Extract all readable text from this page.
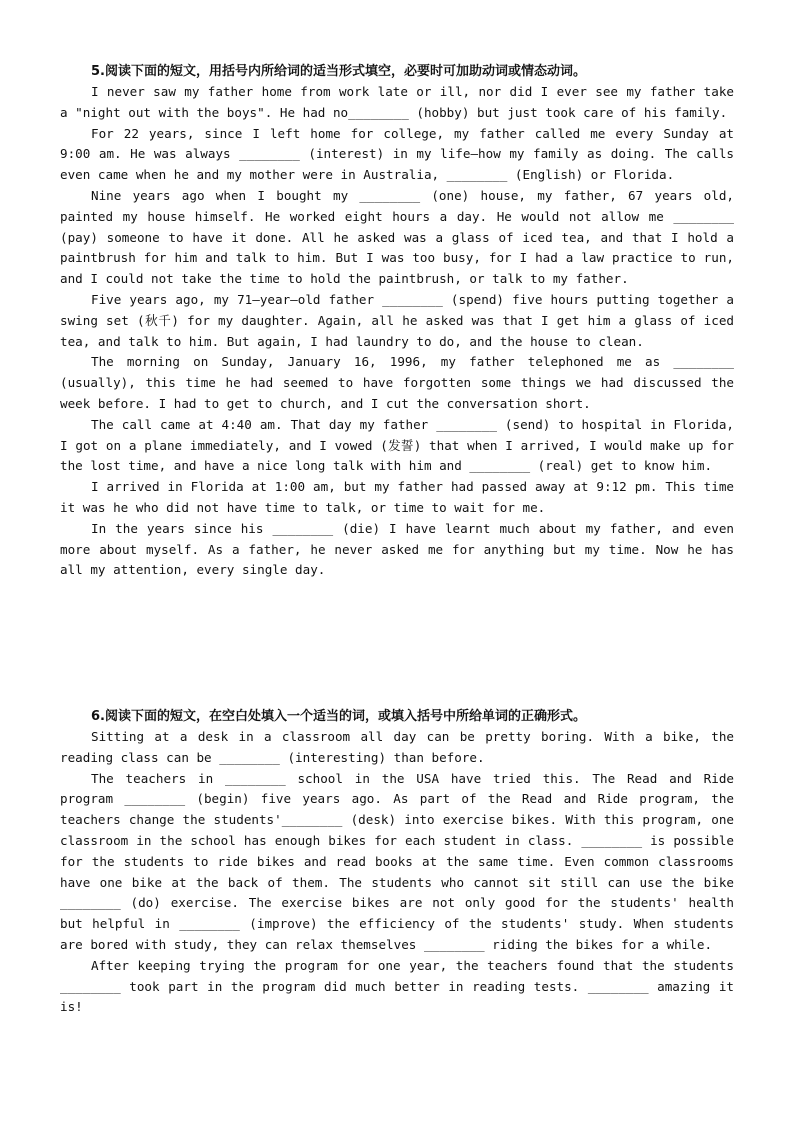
5.阅读下面的短文，用括号内所给词的适当形式填空，必要时可加助动词或情态动词。

I never saw my father home from work late or ill, nor did I ever see my father take a "night out with the boys". He had no________ (hobby) but just took care of his family.

For 22 years, since I left home for college, my father called me every Sunday at 9:00 am. He was always ________ (interest) in my life—how my family as doing. The calls even came when he and my mother were in Australia, ________ (English) or Florida.

Nine years ago when I bought my ________ (one) house, my father, 67 years old, painted my house himself. He worked eight hours a day. He would not allow me ________ (pay) someone to have it done. All he asked was a glass of iced tea, and that I hold a paintbrush for him and talk to him. But I was too busy, for I had a law practice to run, and I could not take the time to hold the paintbrush, or talk to my father.

Five years ago, my 71—year—old father ________ (spend) five hours putting together a swing set (秋千) for my daughter. Again, all he asked was that I get him a glass of iced tea, and talk to him. But again, I had laundry to do, and the house to clean.

The morning on Sunday, January 16, 1996, my father telephoned me as ________ (usually), this time he had seemed to have forgotten some things we had discussed the week before. I had to get to church, and I cut the conversation short.

The call came at 4:40 am. That day my father ________ (send) to hospital in Florida, I got on a plane immediately, and I vowed (发誓) that when I arrived, I would make up for the lost time, and have a nice long talk with him and ________ (real) get to know him.

I arrived in Florida at 1:00 am, but my father had passed away at 9:12 pm. This time it was he who did not have time to talk, or time to wait for me.

In the years since his ________ (die) I have learnt much about my father, and even more about myself. As a father, he never asked me for anything but my time. Now he has all my attention, every single day.

6.阅读下面的短文，在空白处填入一个适当的词，或填入括号中所给单词的正确形式。

Sitting at a desk in a classroom all day can be pretty boring. With a bike, the reading class can be ________ (interesting) than before.

The teachers in ________ school in the USA have tried this. The Read and Ride program ________ (begin) five years ago. As part of the Read and Ride program, the teachers change the students'________ (desk) into exercise bikes. With this program, one classroom in the school has enough bikes for each student in class. ________ is possible for the students to ride bikes and read books at the same time. Even common classrooms have one bike at the back of them. The students who cannot sit still can use the bike ________ (do) exercise. The exercise bikes are not only good for the students' health but helpful in ________ (improve) the efficiency of the students' study. When students are bored with study, they can relax themselves ________ riding the bikes for a while.

After keeping trying the program for one year, the teachers found that the students ________ took part in the program did much better in reading tests. ________ amazing it is!
